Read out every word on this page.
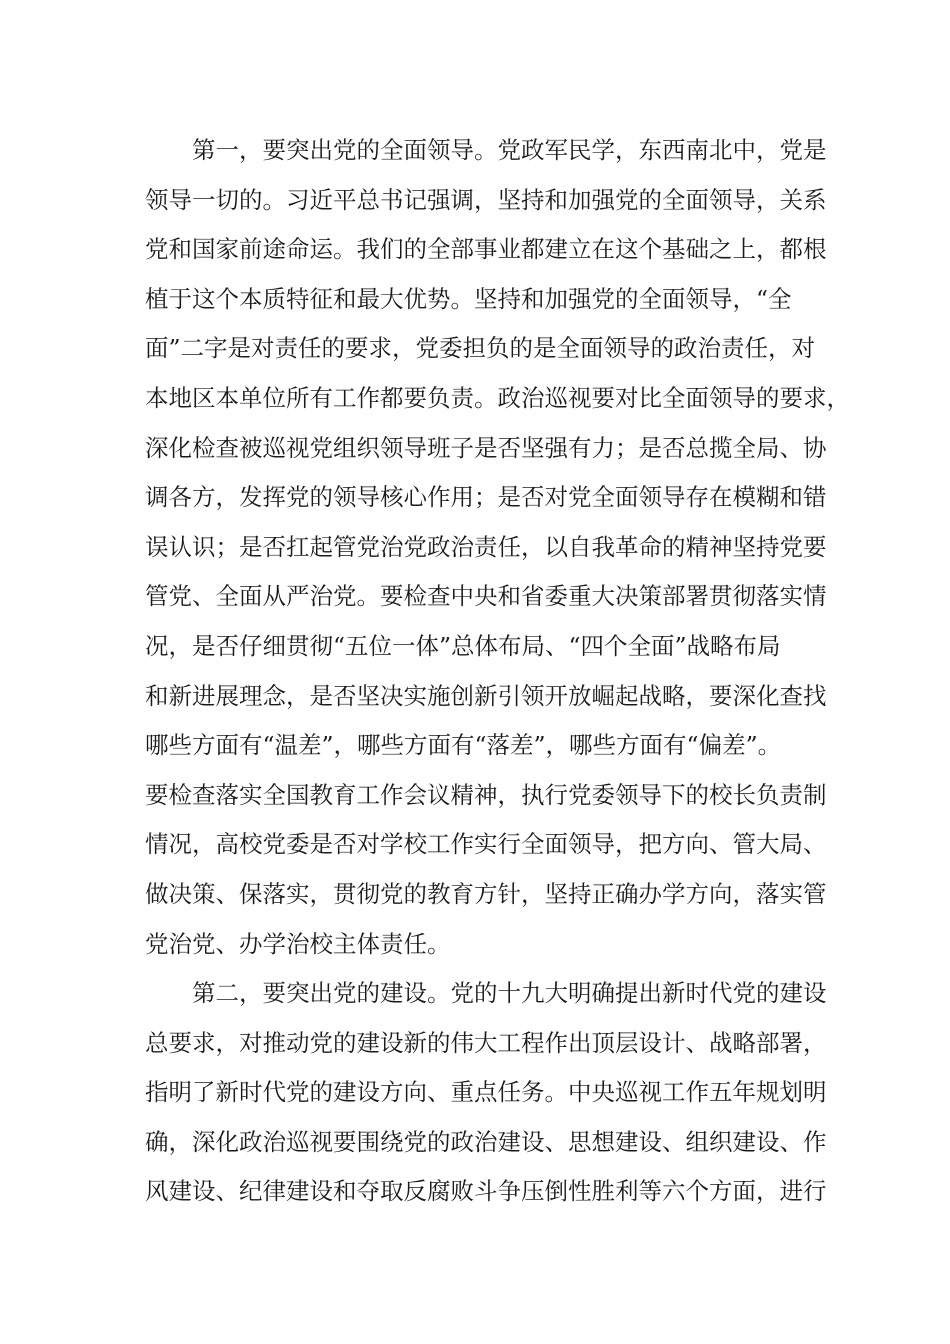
第一，要突出党的全面领导。党政军民学，东西南北中，党是
领导一切的。习近平总书记强调，坚持和加强党的全面领导，关系
党和国家前途命运。我们的全部事业都建立在这个基础之上，都根
植于这个本质特征和最大优势。坚持和加强党的全面领导，“全
面”二字是对责任的要求，党委担负的是全面领导的政治责任，对
本地区本单位所有工作都要负责。政治巡视要对比全面领导的要求，
深化检查被巡视党组织领导班子是否坚强有力；是否总揽全局、协
调各方，发挥党的领导核心作用；是否对党全面领导存在模糊和错
误认识；是否扛起管党治党政治责任，以自我革命的精神坚持党要
管党、全面从严治党。要检查中央和省委重大决策部署贯彻落实情
况，是否仔细贯彻“五位一体”总体布局、“四个全面”战略布局
和新进展理念，是否坚决实施创新引领开放崛起战略，要深化查找
哪些方面有“温差”，哪些方面有“落差”，哪些方面有“偏差”。
要检查落实全国教育工作会议精神，执行党委领导下的校长负责制
情况，高校党委是否对学校工作实行全面领导，把方向、管大局、
做决策、保落实，贯彻党的教育方针，坚持正确办学方向，落实管
党治党、办学治校主体责任。
第二，要突出党的建设。党的十九大明确提出新时代党的建设
总要求，对推动党的建设新的伟大工程作出顶层设计、战略部署，
指明了新时代党的建设方向、重点任务。中央巡视工作五年规划明
确，深化政治巡视要围绕党的政治建设、思想建设、组织建设、作
风建设、纪律建设和夺取反腐败斗争压倒性胜利等六个方面，进行
